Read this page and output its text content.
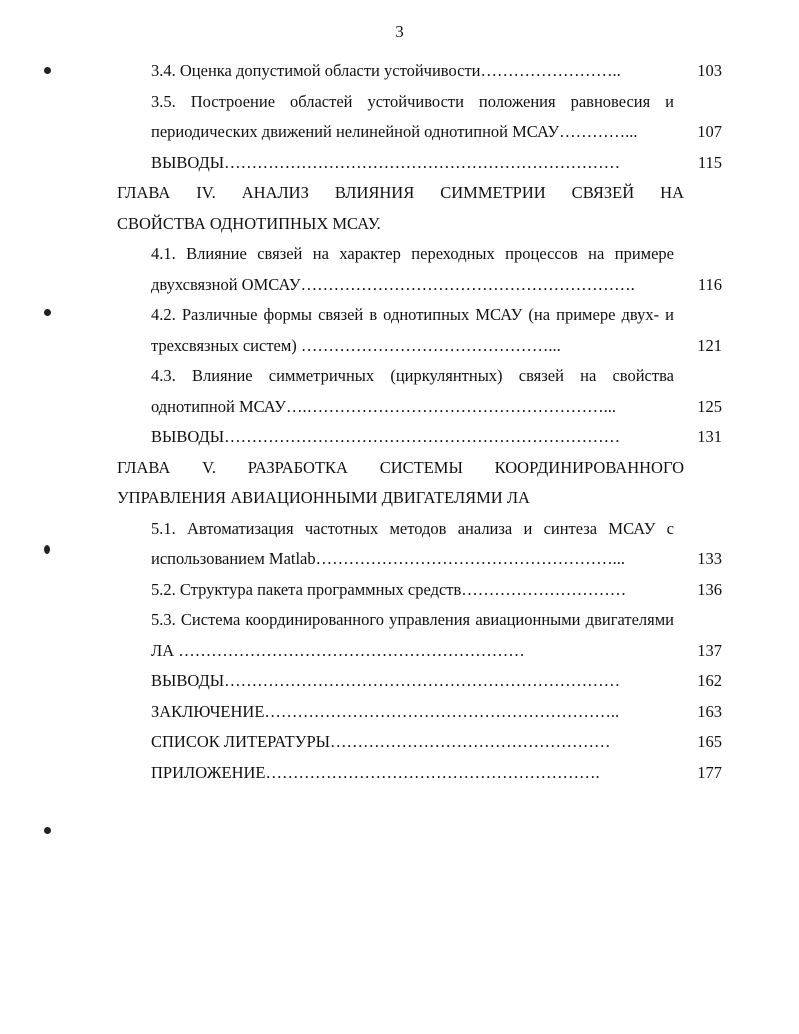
3
3.4. Оценка допустимой области устойчивости……………………..	103
3.5. Построение областей устойчивости положения равновесия и периодических движений нелинейной однотипной МСАУ…………...	107
ВЫВОДЫ………………………………………………………………	115
ГЛАВА IV. АНАЛИЗ ВЛИЯНИЯ СИММЕТРИИ СВЯЗЕЙ НА
СВОЙСТВА ОДНОТИПНЫХ МСАУ.
4.1. Влияние связей на характер переходных процессов на примере двухсвязной ОМСАУ…………………………………………………….	116
4.2. Различные формы связей в однотипных МСАУ (на примере двух- и трехсвязных систем) ………………………………………...	121
4.3. Влияние симметричных (циркулянтных) связей на свойства однотипной МСАУ….………………………………………………...	125
ВЫВОДЫ………………………………………………………………	131
ГЛАВА V. РАЗРАБОТКА СИСТЕМЫ КООРДИНИРОВАННОГО
УПРАВЛЕНИЯ АВИАЦИОННЫМИ ДВИГАТЕЛЯМИ ЛА
5.1. Автоматизация частотных методов анализа и синтеза МСАУ с использованием Matlab………………………………………………...	133
5.2. Структура пакета программных средств…………………………	136
5.3. Система координированного управления авиационными двигателями ЛА ………………………………………………………	137
ВЫВОДЫ………………………………………………………………	162
ЗАКЛЮЧЕНИЕ………………………………………………………..	163
СПИСОК ЛИТЕРАТУРЫ……………………………………………	165
ПРИЛОЖЕНИЕ…………………………………………………….	177
